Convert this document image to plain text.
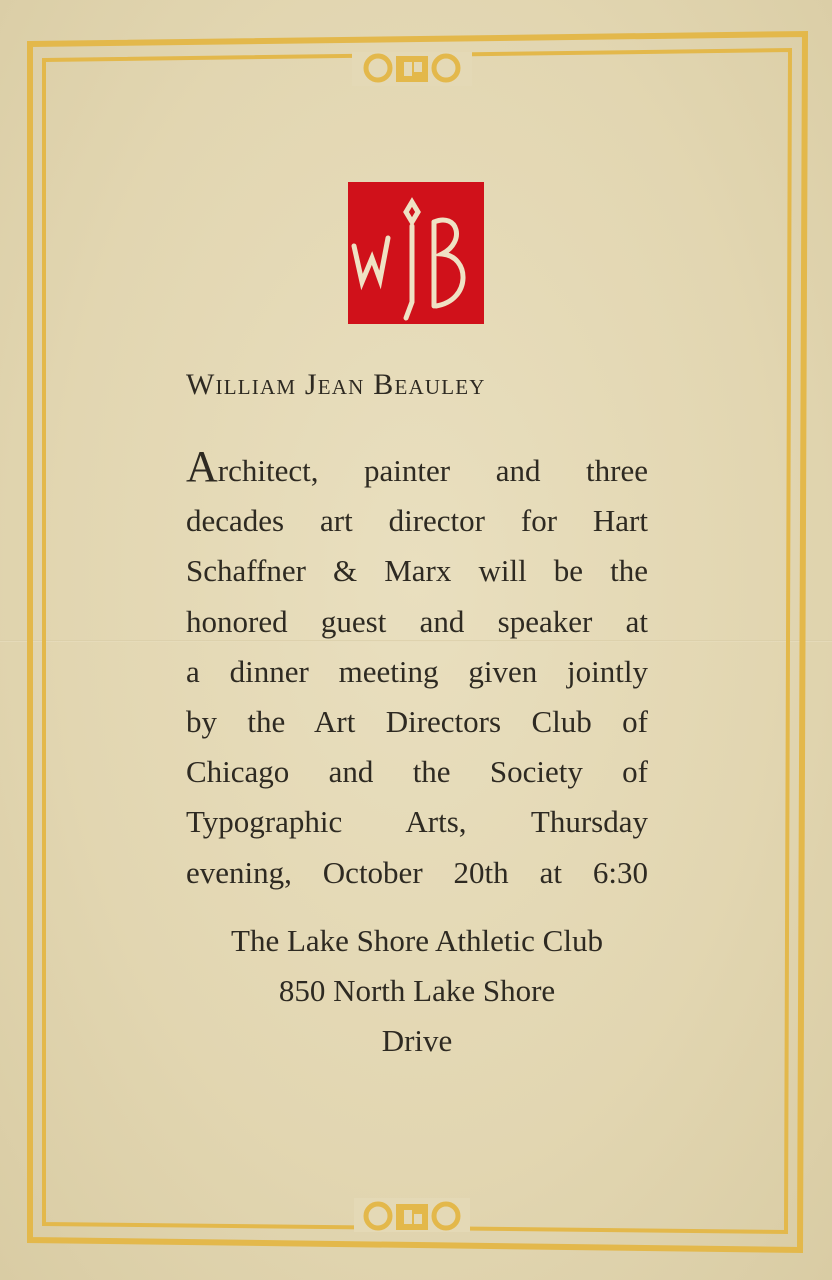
William Jean Beauley
Architect, painter and three
decades art director for Hart
Schaffner & Marx will be the
honored guest and speaker at
a dinner meeting given jointly
by the Art Directors Club of
Chicago and the Society of
Typographic Arts, Thursday
evening, October 20th at 6:30
The Lake Shore Athletic Club
850 North Lake Shore
Drive
